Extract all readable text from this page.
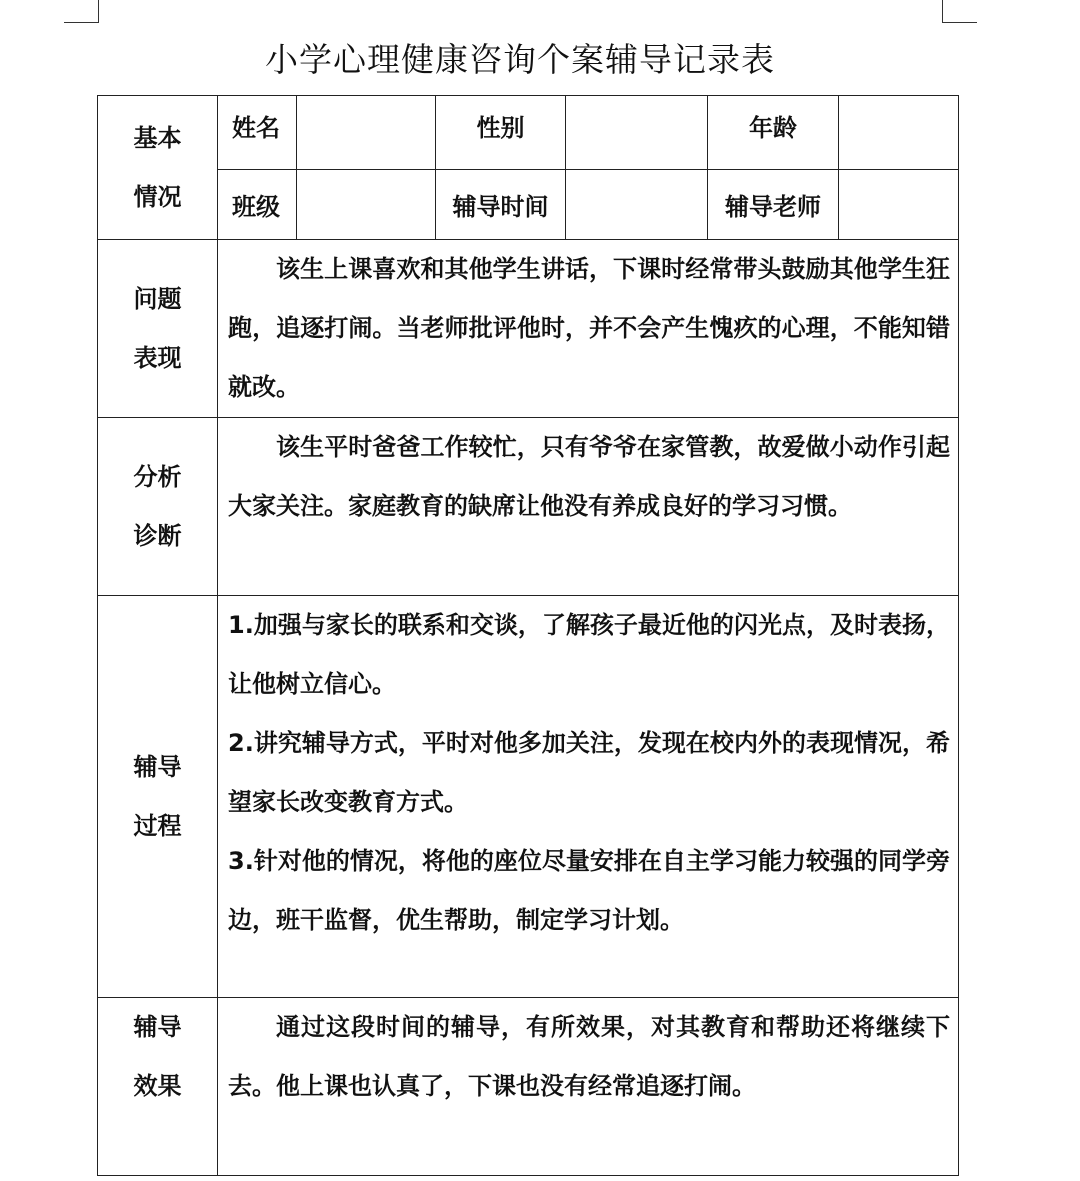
小学心理健康咨询个案辅导记录表
基本
情况	姓名		性别		年龄	
	班级		辅导时间		辅导老师	

问题
表现	该生上课喜欢和其他学生讲话，下课时经常带头鼓励其他学生狂跑，追逐打闹。当老师批评他时，并不会产生愧疚的心理，不能知错就改。					

分析
诊断	该生平时爸爸工作较忙，只有爷爷在家管教，故爱做小动作引起大家关注。家庭教育的缺席让他没有养成良好的学习习惯。					

辅导
过程	1.加强与家长的联系和交谈，了解孩子最近他的闪光点，及时表扬，让他树立信心。
2.讲究辅导方式，平时对他多加关注，发现在校内外的表现情况，希望家长改变教育方式。
3.针对他的情况，将他的座位尽量安排在自主学习能力较强的同学旁边，班干监督，优生帮助，制定学习计划。					

辅导
效果	通过这段时间的辅导，有所效果，对其教育和帮助还将继续下去。他上课也认真了，下课也没有经常追逐打闹。					
